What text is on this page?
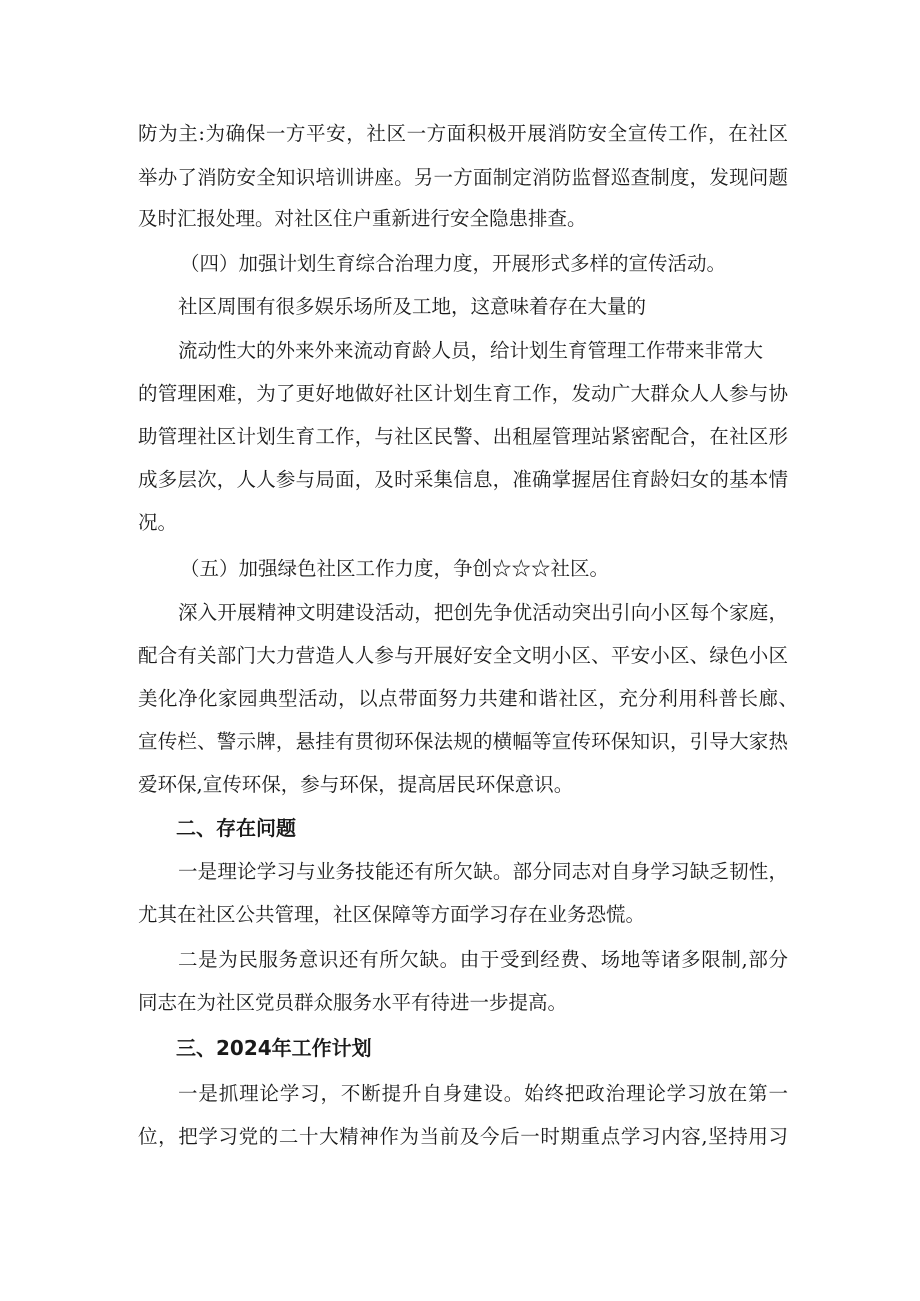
防为主:为确保一方平安，社区一方面积极开展消防安全宣传工作，在社区
举办了消防安全知识培训讲座。另一方面制定消防监督巡查制度，发现问题
及时汇报处理。对社区住户重新进行安全隐患排查。
（四）加强计划生育综合治理力度，开展形式多样的宣传活动。
社区周围有很多娱乐场所及工地，这意味着存在大量的
流动性大的外来外来流动育龄人员，给计划生育管理工作带来非常大
的管理困难，为了更好地做好社区计划生育工作，发动广大群众人人参与协
助管理社区计划生育工作，与社区民警、出租屋管理站紧密配合，在社区形
成多层次，人人参与局面，及时采集信息，准确掌握居住育龄妇女的基本情
况。
（五）加强绿色社区工作力度，争创☆☆☆社区。
深入开展精神文明建设活动，把创先争优活动突出引向小区每个家庭，
配合有关部门大力营造人人参与开展好安全文明小区、平安小区、绿色小区
美化净化家园典型活动，以点带面努力共建和谐社区，充分利用科普长廊、
宣传栏、警示牌，悬挂有贯彻环保法规的横幅等宣传环保知识，引导大家热
爱环保,宣传环保，参与环保，提高居民环保意识。
二、存在问题
一是理论学习与业务技能还有所欠缺。部分同志对自身学习缺乏韧性，
尤其在社区公共管理，社区保障等方面学习存在业务恐慌。
二是为民服务意识还有所欠缺。由于受到经费、场地等诸多限制,部分
同志在为社区党员群众服务水平有待进一步提高。
三、2024年工作计划
一是抓理论学习，不断提升自身建设。始终把政治理论学习放在第一
位，把学习党的二十大精神作为当前及今后一时期重点学习内容,坚持用习
